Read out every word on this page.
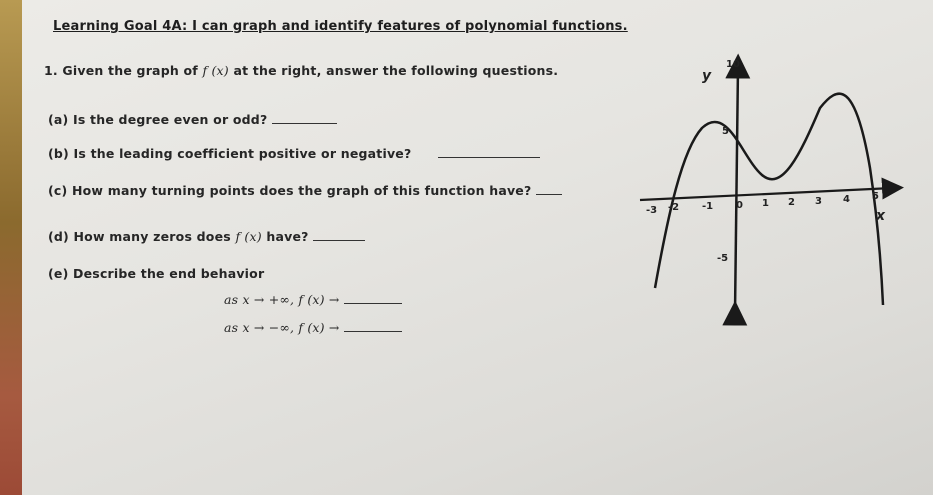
Learning Goal 4A: I can graph and identify features of polynomial functions.
1. Given the graph of f (x) at the right, answer the following questions.
(a) Is the degree even or odd?
(b) Is the leading coefficient positive or negative?
(c) How many turning points does the graph of this function have?
(d) How many zeros does f (x) have?
(e) Describe the end behavior
as x → +∞, f (x) →
as x → −∞, f (x) →
y
x
10
5
-5
-3 -2 -1 0 1 2 3 4 5
